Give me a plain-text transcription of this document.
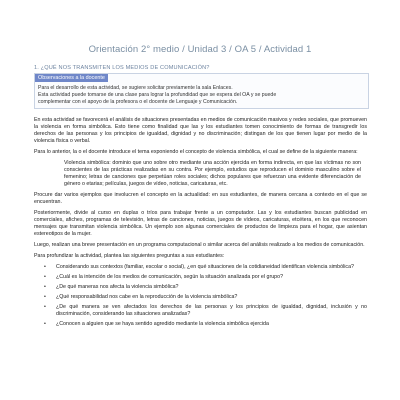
Orientación 2° medio / Unidad 3 / OA 5 / Actividad 1
1. ¿QUÉ NOS TRANSMITEN LOS MEDIOS DE COMUNICACIÓN?
Observaciones a la docente

Para el desarrollo de esta actividad, se sugiere solicitar previamente la sala Enlaces.

Esta actividad puede tomarse de una clase para lograr la profundidad que se espera del OA y se puede

complementar con el apoyo de la profesora o el docente de Lenguaje y Comunicación.

En esta actividad se favorecerá el análisis de situaciones presentadas en medios de comunicación masivos y redes sociales, que promueven la violencia en forma simbólica. Esto tiene como finalidad que las y los estudiantes tomen conocimiento de formas de transgredir los derechos de las personas y los principios de igualdad, dignidad y no discriminación; distingan de los que tienen lugar por medio de la violencia física o verbal.

Para lo anterior, la o el docente introduce el tema exponiendo el concepto de violencia simbólica, el cual se define de la siguiente manera:

Violencia simbólica: dominio que uno sobre otro mediante una acción ejercida en forma indirecta, en que las víctimas no son conscientes de las prácticas realizadas en su contra. Por ejemplo, estudios que reproducen el dominio masculino sobre el femenino; letras de canciones que perpetúan roles sociales; dichos populares que refuerzan una evidente diferenciación de género o etarias; películas, juegos de vídeo, noticias, caricaturas, etc.

Procure dar varios ejemplos que involucren el concepto en la actualidad: en sus estudiantes, de manera cercana a contexto en el que se encuentran.

Posteriormente, divide al curso en duplas o tríos para trabajar frente a un computador. Las y los estudiantes buscan publicidad en comerciales, afiches, programas de televisión, letras de canciones, noticias, juegos de vídeos, caricaturas, etcétera, en los que reconocen mensajes que transmitan violencia simbólica. Un ejemplo son algunas comerciales de productos de limpieza para el hogar, que asientan estereotipos de la mujer.

Luego, realizan una breve presentación en un programa computacional o similar acerca del análisis realizado a los medios de comunicación.

Para profundizar la actividad, plantea las siguientes preguntas a sus estudiantes:

• Considerando sus contextos (familiar, escolar o social), ¿en qué situaciones de la cotidianeidad identifican violencia simbólica?
• ¿Cuál es la intención de los medios de comunicación, según la situación analizada por el grupo?
• ¿De qué maneras nos afecta la violencia simbólica?
• ¿Qué responsabilidad nos cabe en la reproducción de la violencia simbólica?
• ¿De qué manera se ven afectados los derechos de las personas y los principios de igualdad, dignidad, inclusión y no discriminación, considerando las situaciones analizadas?
• ¿Conocen a alguien que se haya sentido agredido mediante la violencia simbólica ejercida
